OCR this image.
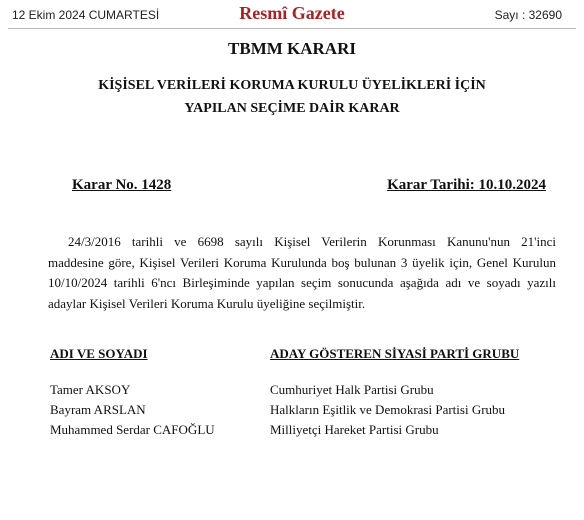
12 Ekim 2024 CUMARTESİ	Resmî Gazete	Sayı : 32690
TBMM KARARI
KİŞİSEL VERİLERİ KORUMA KURULU ÜYELİKLERİ İÇİN
YAPILAN SEÇİME DAİR KARAR
Karar No. 1428	Karar Tarihi: 10.10.2024
24/3/2016 tarihli ve 6698 sayılı Kişisel Verilerin Korunması Kanunu'nun 21'inci
maddesine göre, Kişisel Verileri Koruma Kurulunda boş bulunan 3 üyelik için, Genel Kurulun
10/10/2024 tarihli 6'ncı Birleşiminde yapılan seçim sonucunda aşağıda adı ve soyadı yazılı
adaylar Kişisel Verileri Koruma Kurulu üyeliğine seçilmiştir.
ADI VE SOYADI	ADAY GÖSTEREN SİYASİ PARTİ GRUBU
Tamer AKSOY	Cumhuriyet Halk Partisi Grubu
Bayram ARSLAN	Halkların Eşitlik ve Demokrasi Partisi Grubu
Muhammed Serdar CAFOĞLU	Milliyetçi Hareket Partisi Grubu
